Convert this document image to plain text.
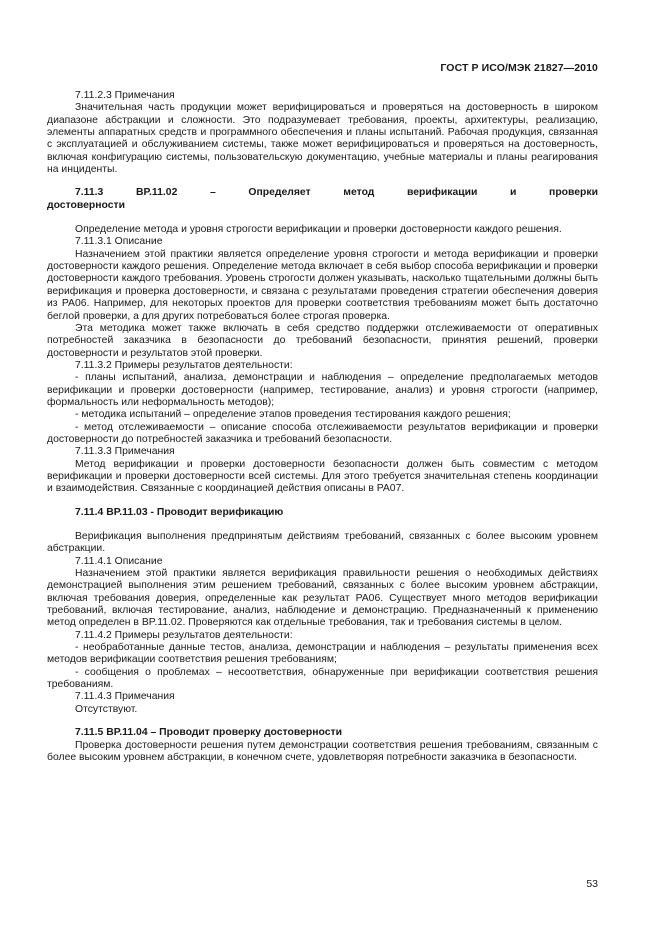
ГОСТ Р ИСО/МЭК 21827—2010

7.11.2.3 Примечания

Значительная часть продукции может верифицироваться и проверяться на достоверность в широком диапазоне абстракции и сложности. Это подразумевает требования, проекты, архитектуры, реализацию, элементы аппаратных средств и программного обеспечения и планы испытаний. Рабочая продукция, связанная с эксплуатацией и обслуживанием системы, также может верифицироваться и проверяться на достоверность, включая конфигурацию системы, пользовательскую документацию, учебные материалы и планы реагирования на инциденты.

7.11.3	BP.11.02	–	Определяет	метод	верификации	и	проверки

достоверности

Определение метода и уровня строгости верификации и проверки достоверности каждого решения.

7.11.3.1 Описание

Назначением этой практики является определение уровня строгости и метода верификации и проверки достоверности каждого решения. Определение метода включает в себя выбор способа верификации и проверки достоверности каждого требования. Уровень строгости должен указывать, насколько тщательными должны быть верификация и проверка достоверности, и связана с результатами проведения стратегии обеспечения доверия из PA06. Например, для некоторых проектов для проверки соответствия требованиям может быть достаточно беглой проверки, а для других потребоваться более строгая проверка.

Эта методика может также включать в себя средство поддержки отслеживаемости от оперативных потребностей заказчика в безопасности до требований безопасности, принятия решений, проверки достоверности и результатов этой проверки.

7.11.3.2 Примеры результатов деятельности:

- планы испытаний, анализа, демонстрации и наблюдения – определение предполагаемых методов верификации и проверки достоверности (например, тестирование, анализ) и уровня строгости (например, формальность или неформальность методов);

- методика испытаний – определение этапов проведения тестирования каждого решения;

- метод отслеживаемости – описание способа отслеживаемости результатов верификации и проверки достоверности до потребностей заказчика и требований безопасности.

7.11.3.3 Примечания

Метод верификации и проверки достоверности безопасности должен быть совместим с методом верификации и проверки достоверности всей системы. Для этого требуется значительная степень координации и взаимодействия. Связанные с координацией действия описаны в PA07.

7.11.4 BP.11.03 - Проводит верификацию

Верификация выполнения предпринятым действиям требований, связанных с более высоким уровнем абстракции.

7.11.4.1 Описание

Назначением этой практики является верификация правильности решения о необходимых действиях демонстрацией выполнения этим решением требований, связанных с более высоким уровнем абстракции, включая требования доверия, определенные как результат PA06. Существует много методов верификации требований, включая тестирование, анализ, наблюдение и демонстрацию. Предназначенный к применению метод определен в BP.11.02. Проверяются как отдельные требования, так и требования системы в целом.

7.11.4.2 Примеры результатов деятельности:

- необработанные данные тестов, анализа, демонстрации и наблюдения – результаты применения всех методов верификации соответствия решения требованиям;

- сообщения о проблемах – несоответствия, обнаруженные при верификации соответствия решения требованиям.

7.11.4.3 Примечания

Отсутствуют.

7.11.5 BP.11.04 – Проводит проверку достоверности

Проверка достоверности решения путем демонстрации соответствия решения требованиям, связанным с более высоким уровнем абстракции, в конечном счете, удовлетворяя потребности заказчика в безопасности.

53
